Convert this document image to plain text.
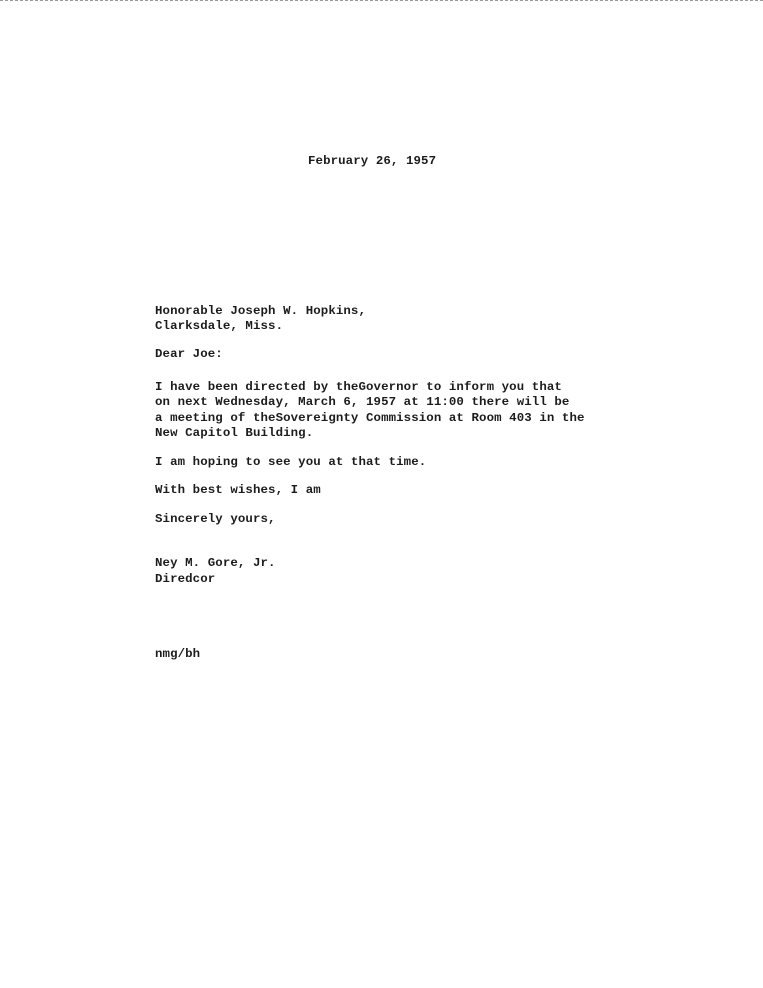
February 26, 1957
Honorable Joseph W. Hopkins,
Clarksdale, Miss.
Dear Joe:
I have been directed by theGovernor to inform you that
on next Wednesday, March 6, 1957 at 11:00 there will be
a meeting of theSovereignty Commission at Room 403 in the
New Capitol Building.
I am hoping to see you at that time.
With best wishes, I am
Sincerely yours,
Ney M. Gore, Jr.
Diredcor
nmg/bh
